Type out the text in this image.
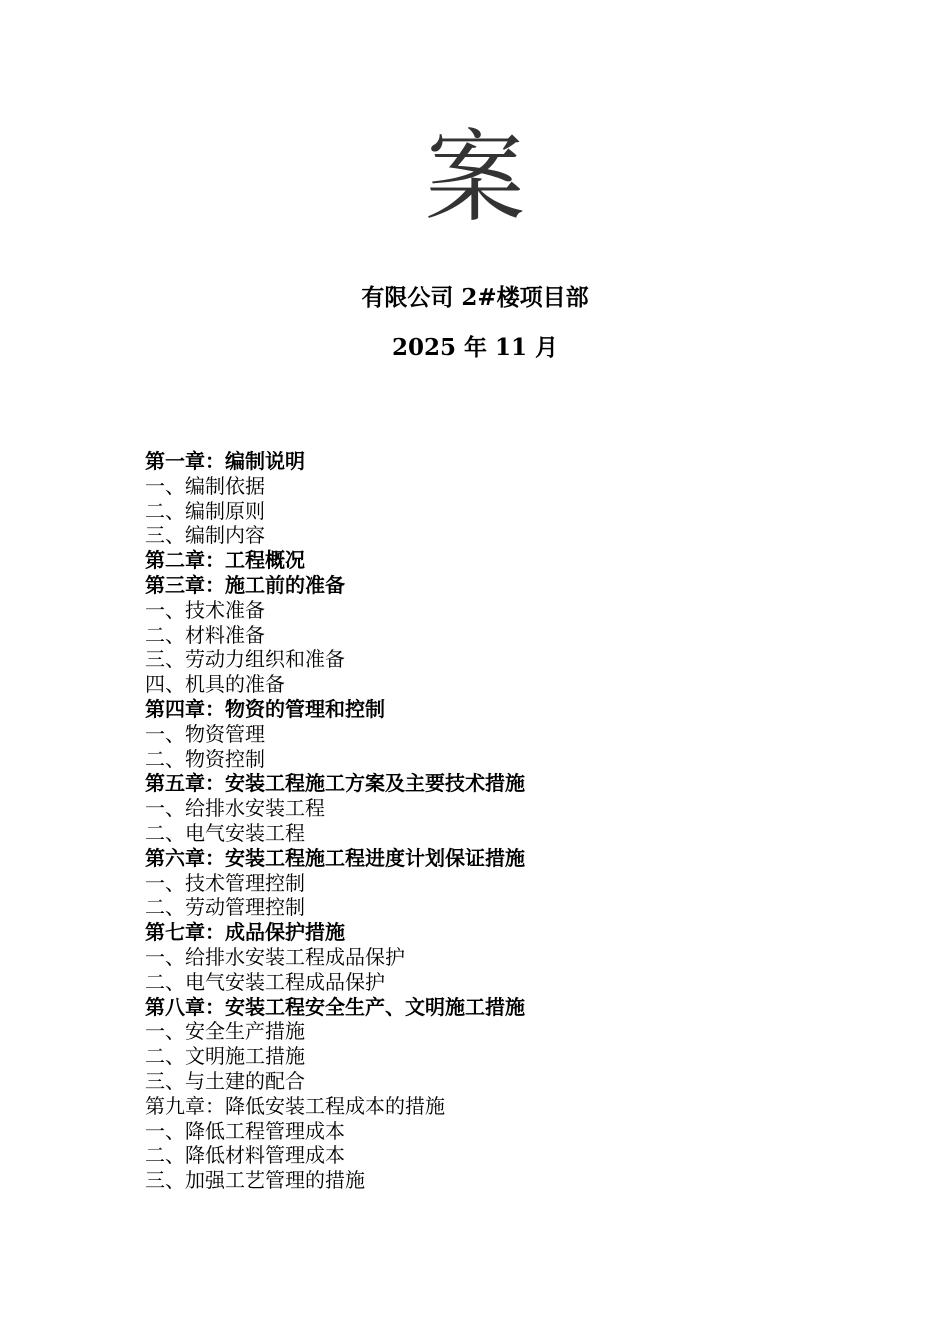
案
有限公司 2#楼项目部
2025 年 11 月
第一章：编制说明
一、编制依据
二、编制原则
三、编制内容
第二章：工程概况
第三章：施工前的准备
一、技术准备
二、材料准备
三、劳动力组织和准备
四、机具的准备
第四章：物资的管理和控制
一、物资管理
二、物资控制
第五章：安装工程施工方案及主要技术措施
一、给排水安装工程
二、电气安装工程
第六章：安装工程施工程进度计划保证措施
一、技术管理控制
二、劳动管理控制
第七章：成品保护措施
一、给排水安装工程成品保护
二、电气安装工程成品保护
第八章：安装工程安全生产、文明施工措施
一、安全生产措施
二、文明施工措施
三、与土建的配合
第九章：降低安装工程成本的措施
一、降低工程管理成本
二、降低材料管理成本
三、加强工艺管理的措施
